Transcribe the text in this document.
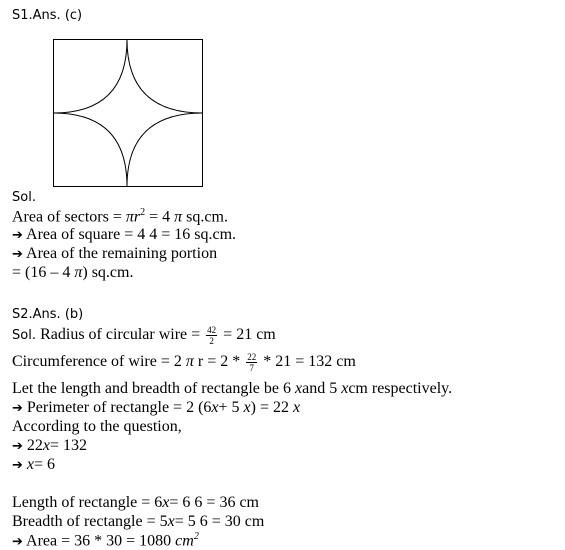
S1.Ans. (c)
Sol.
Area of sectors = $\pi r^2 = 4$ π sq.cm.
➔ Area of square = 4 4 = 16 sq.cm.
➔ Area of the remaining portion
= (16 – 4 π) sq.cm.
S2.Ans. (b)
Sol. Radius of circular wire = $\frac{42}{2} = 21$ cm
Circumference of wire = 2 π $r = 2 * \frac{22}{7} * 21 = 132$ cm
Let the length and breadth of rectangle be 6 xand 5 xcm respectively.
➔ Perimeter of rectangle = 2 (6x+ 5 x) = 22 x
According to the question,
➔ 22x= 132
➔ x= 6
Length of rectangle = 6x= 6 6 = 36 cm
Breadth of rectangle = 5x= 5 6 = 30 cm
➔ Area = 36 * 30 = 1080 $cm^2$
